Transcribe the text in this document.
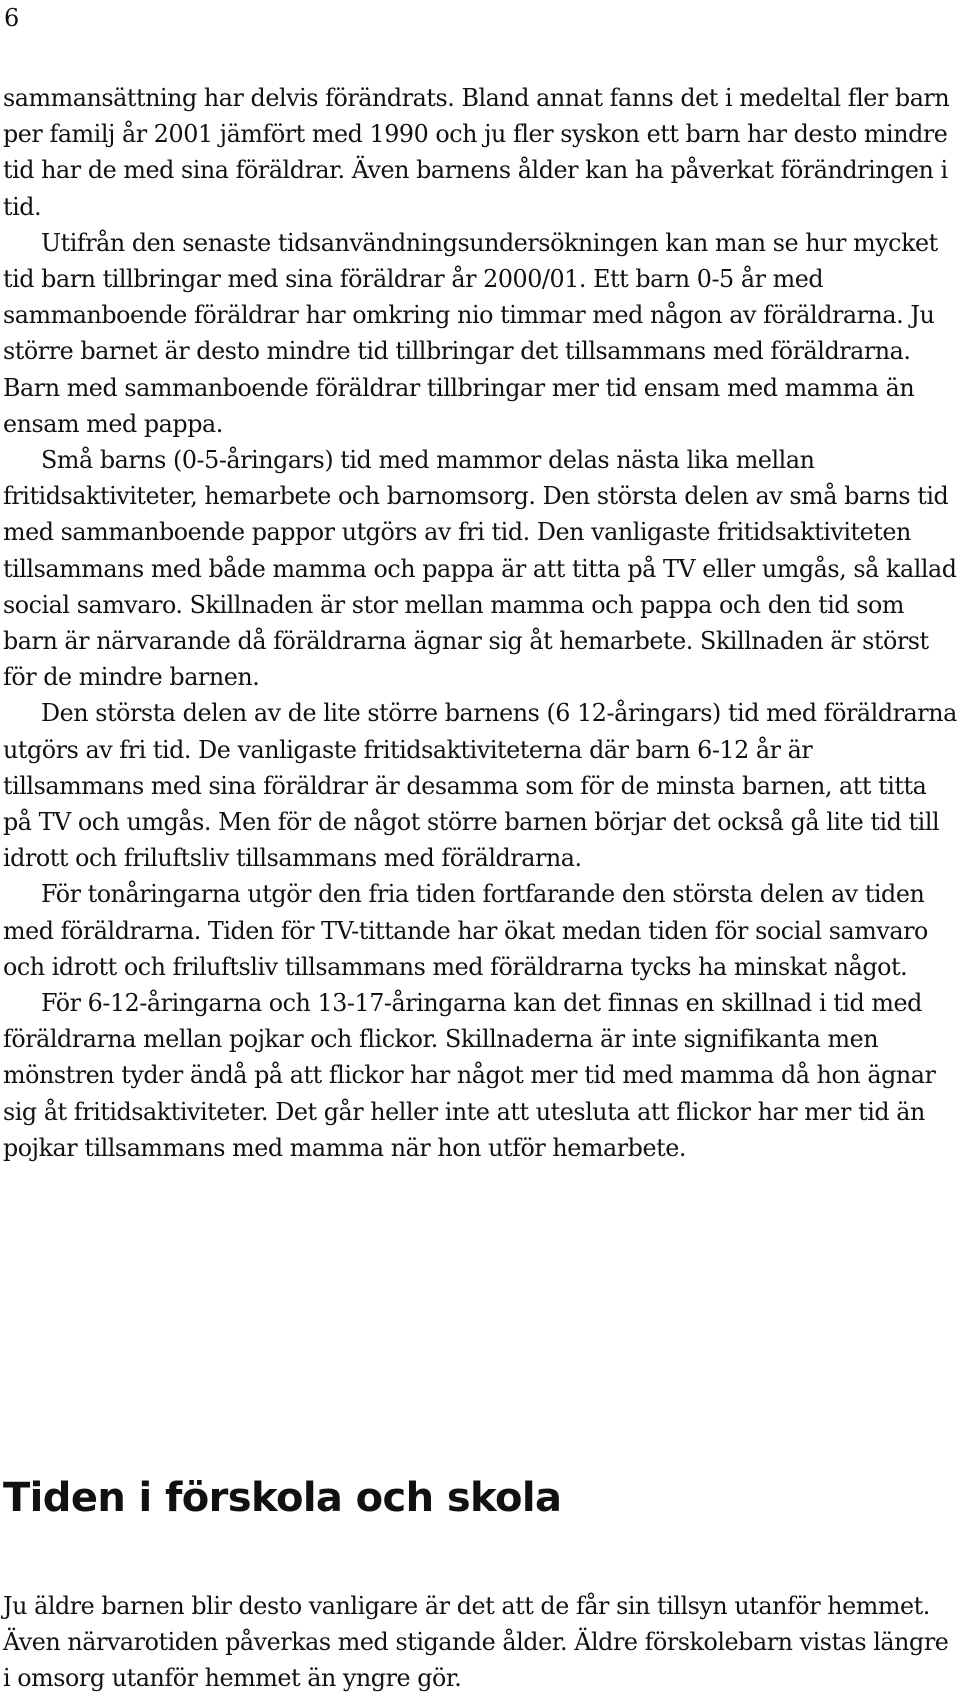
6

sammansättning har delvis förändrats. Bland annat fanns det i medeltal fler barn per familj år 2001 jämfört med 1990 och ju fler syskon ett barn har desto mindre tid har de med sina föräldrar. Även barnens ålder kan ha påverkat förändringen i tid.

Utifrån den senaste tidsanvändningsundersökningen kan man se hur mycket tid barn tillbringar med sina föräldrar år 2000/01. Ett barn 0-5 år med sammanboende föräldrar har omkring nio timmar med någon av föräldrarna. Ju större barnet är desto mindre tid tillbringar det tillsammans med föräldrarna. Barn med sammanboende föräldrar tillbringar mer tid ensam med mamma än ensam med pappa.

Små barns (0-5-åringars) tid med mammor delas nästa lika mellan fritidsaktiviteter, hemarbete och barnomsorg. Den största delen av små barns tid med sammanboende pappor utgörs av fri tid. Den vanligaste fritidsaktiviteten tillsammans med både mamma och pappa är att titta på TV eller umgås, så kallad social samvaro. Skillnaden är stor mellan mamma och pappa och den tid som barn är närvarande då föräldrarna ägnar sig åt hemarbete. Skillnaden är störst för de mindre barnen.

Den största delen av de lite större barnens (6 12-åringars) tid med föräldrarna utgörs av fri tid. De vanligaste fritidsaktiviteterna där barn 6-12 år är tillsammans med sina föräldrar är desamma som för de minsta barnen, att titta på TV och umgås. Men för de något större barnen börjar det också gå lite tid till idrott och friluftsliv tillsammans med föräldrarna.

För tonåringarna utgör den fria tiden fortfarande den största delen av tiden med föräldrarna. Tiden för TV-tittande har ökat medan tiden för social samvaro och idrott och friluftsliv tillsammans med föräldrarna tycks ha minskat något.

För 6-12-åringarna och 13-17-åringarna kan det finnas en skillnad i tid med föräldrarna mellan pojkar och flickor. Skillnaderna är inte signifikanta men mönstren tyder ändå på att flickor har något mer tid med mamma då hon ägnar sig åt fritidsaktiviteter. Det går heller inte att utesluta att flickor har mer tid än pojkar tillsammans med mamma när hon utför hemarbete.

Tiden i förskola och skola

Ju äldre barnen blir desto vanligare är det att de får sin tillsyn utanför hemmet. Även närvarotiden påverkas med stigande ålder. Äldre förskolebarn vistas längre i omsorg utanför hemmet än yngre gör.
